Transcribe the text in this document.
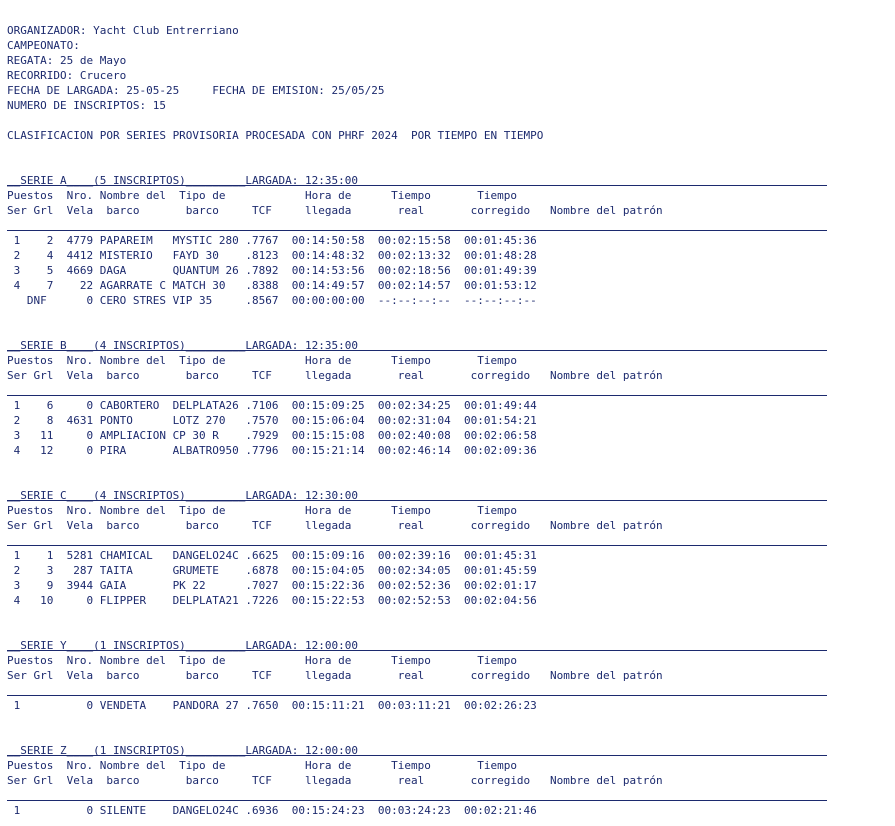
ORGANIZADOR: Yacht Club Entrerriano
CAMPEONATO:
REGATA: 25 de Mayo
RECORRIDO: Crucero
FECHA DE LARGADA: 25-05-25     FECHA DE EMISION: 25/05/25
NUMERO DE INSCRIPTOS: 15
CLASIFICACION POR SERIES PROVISORIA PROCESADA CON PHRF 2024  POR TIEMPO EN TIEMPO
__SERIE A____(5 INSCRIPTOS)_________LARGADA: 12:35:00
Puestos  Nro. Nombre del  Tipo de            Hora de      Tiempo       Tiempo
Ser Grl  Vela  barco       barco     TCF     llegada       real       corregido   Nombre del patrón
1    2  4779 PAPAREIM   MYSTIC 280 .7767  00:14:50:58  00:02:15:58  00:01:45:36
2    4  4412 MISTERIO   FAYD 30    .8123  00:14:48:32  00:02:13:32  00:01:48:28
3    5  4669 DAGA       QUANTUM 26 .7892  00:14:53:56  00:02:18:56  00:01:49:39
4    7    22 AGARRATE C MATCH 30   .8388  00:14:49:57  00:02:14:57  00:01:53:12
DNF      0 CERO STRES VIP 35     .8567  00:00:00:00  --:--:--:--  --:--:--:--
__SERIE B____(4 INSCRIPTOS)_________LARGADA: 12:35:00
Puestos  Nro. Nombre del  Tipo de            Hora de      Tiempo       Tiempo
Ser Grl  Vela  barco       barco     TCF     llegada       real       corregido   Nombre del patrón
1    6     0 CABORTERO  DELPLATA26 .7106  00:15:09:25  00:02:34:25  00:01:49:44
2    8  4631 PONTO      LOTZ 270   .7570  00:15:06:04  00:02:31:04  00:01:54:21
3   11     0 AMPLIACION CP 30 R    .7929  00:15:15:08  00:02:40:08  00:02:06:58
4   12     0 PIRA       ALBATRO950 .7796  00:15:21:14  00:02:46:14  00:02:09:36
__SERIE C____(4 INSCRIPTOS)_________LARGADA: 12:30:00
Puestos  Nro. Nombre del  Tipo de            Hora de      Tiempo       Tiempo
Ser Grl  Vela  barco       barco     TCF     llegada       real       corregido   Nombre del patrón
1    1  5281 CHAMICAL   DANGELO24C .6625  00:15:09:16  00:02:39:16  00:01:45:31
2    3   287 TAITA      GRUMETE    .6878  00:15:04:05  00:02:34:05  00:01:45:59
3    9  3944 GAIA       PK 22      .7027  00:15:22:36  00:02:52:36  00:02:01:17
4   10     0 FLIPPER    DELPLATA21 .7226  00:15:22:53  00:02:52:53  00:02:04:56
__SERIE Y____(1 INSCRIPTOS)_________LARGADA: 12:00:00
Puestos  Nro. Nombre del  Tipo de            Hora de      Tiempo       Tiempo
Ser Grl  Vela  barco       barco     TCF     llegada       real       corregido   Nombre del patrón
1          0 VENDETA    PANDORA 27 .7650  00:15:11:21  00:03:11:21  00:02:26:23
__SERIE Z____(1 INSCRIPTOS)_________LARGADA: 12:00:00
Puestos  Nro. Nombre del  Tipo de            Hora de      Tiempo       Tiempo
Ser Grl  Vela  barco       barco     TCF     llegada       real       corregido   Nombre del patrón
1          0 SILENTE    DANGELO24C .6936  00:15:24:23  00:03:24:23  00:02:21:46
